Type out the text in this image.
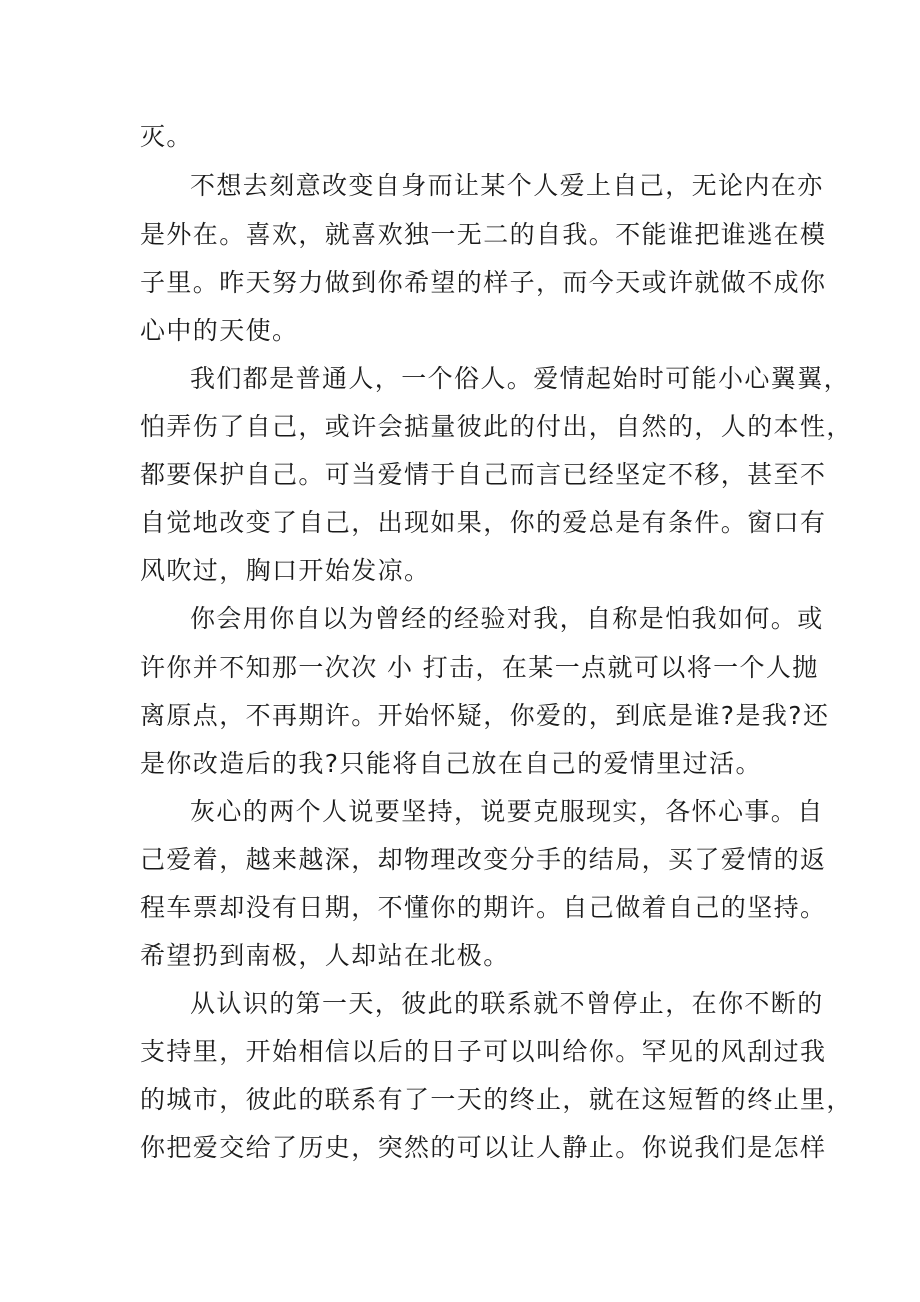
灭。
不想去刻意改变自身而让某个人爱上自己，无论内在亦
是外在。喜欢，就喜欢独一无二的自我。不能谁把谁逃在模
子里。昨天努力做到你希望的样子，而今天或许就做不成你
心中的天使。
我们都是普通人，一个俗人。爱情起始时可能小心翼翼，
怕弄伤了自己，或许会掂量彼此的付出，自然的，人的本性，
都要保护自己。可当爱情于自己而言已经坚定不移，甚至不
自觉地改变了自己，出现如果，你的爱总是有条件。窗口有
风吹过，胸口开始发凉。
你会用你自以为曾经的经验对我，自称是怕我如何。或
许你并不知那一次次 小 打击，在某一点就可以将一个人抛
离原点，不再期许。开始怀疑，你爱的，到底是谁?是我?还
是你改造后的我?只能将自己放在自己的爱情里过活。
灰心的两个人说要坚持，说要克服现实，各怀心事。自
己爱着，越来越深，却物理改变分手的结局，买了爱情的返
程车票却没有日期，不懂你的期许。自己做着自己的坚持。
希望扔到南极，人却站在北极。
从认识的第一天，彼此的联系就不曾停止，在你不断的
支持里，开始相信以后的日子可以叫给你。罕见的风刮过我
的城市，彼此的联系有了一天的终止，就在这短暂的终止里，
你把爱交给了历史，突然的可以让人静止。你说我们是怎样
